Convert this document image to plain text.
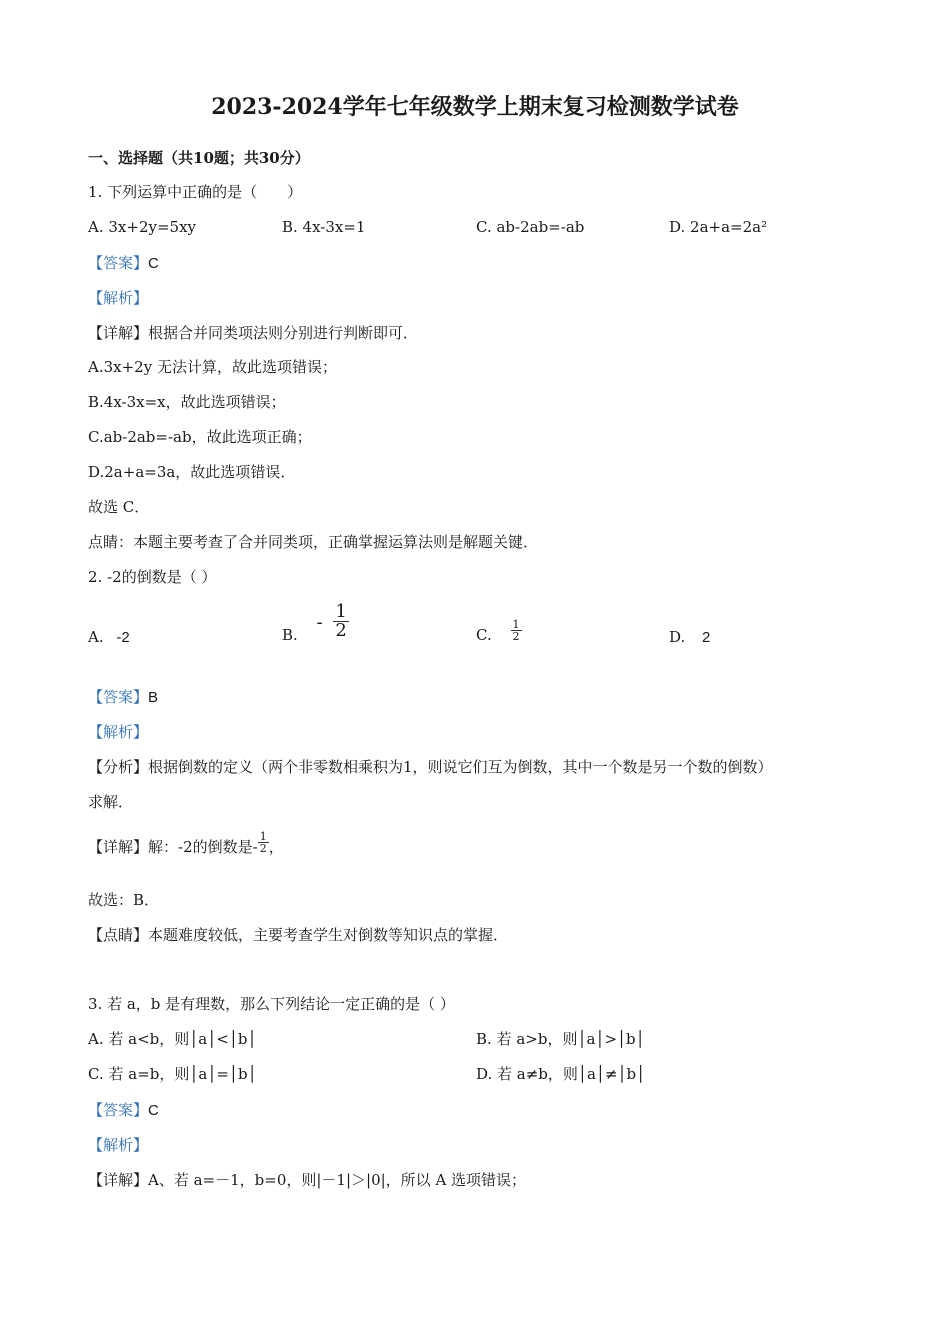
2023-2024学年七年级数学上期末复习检测数学试卷
一、选择题（共10题；共30分）
1. 下列运算中正确的是（　　）
A. 3x+2y=5xy	B. 4x-3x=1	C. ab-2ab=-ab	D. 2a+a=2a²
【答案】C
【解析】
【详解】根据合并同类项法则分别进行判断即可．
A.3x+2y 无法计算，故此选项错误；
B.4x-3x=x，故此选项错误；
C.ab-2ab=-ab，故此选项正确；
D.2a+a=3a，故此选项错误．
故选 C．
点睛：本题主要考查了合并同类项，正确掌握运算法则是解题关键．
2. -2的倒数是（ ）
A. -2	B. - $\frac{1}{2}$	C. $\frac{1}{2}$	D. 2
【答案】B
【解析】
【分析】根据倒数的定义（两个非零数相乘积为1，则说它们互为倒数，其中一个数是另一个数的倒数）
求解．
【详解】解：-2的倒数是- $\frac{1}{2}$ ，
故选：B．
【点睛】本题难度较低，主要考查学生对倒数等知识点的掌握．
3. 若 a，b 是有理数，那么下列结论一定正确的是（ ）
A. 若 a<b，则│a│<│b│	B. 若 a>b，则│a│>│b│
C. 若 a=b，则│a│=│b│	D. 若 a≠b，则│a│≠│b│
【答案】C
【解析】
【详解】A、若 a=－1，b=0，则|－1|＞|0|，所以 A 选项错误；
